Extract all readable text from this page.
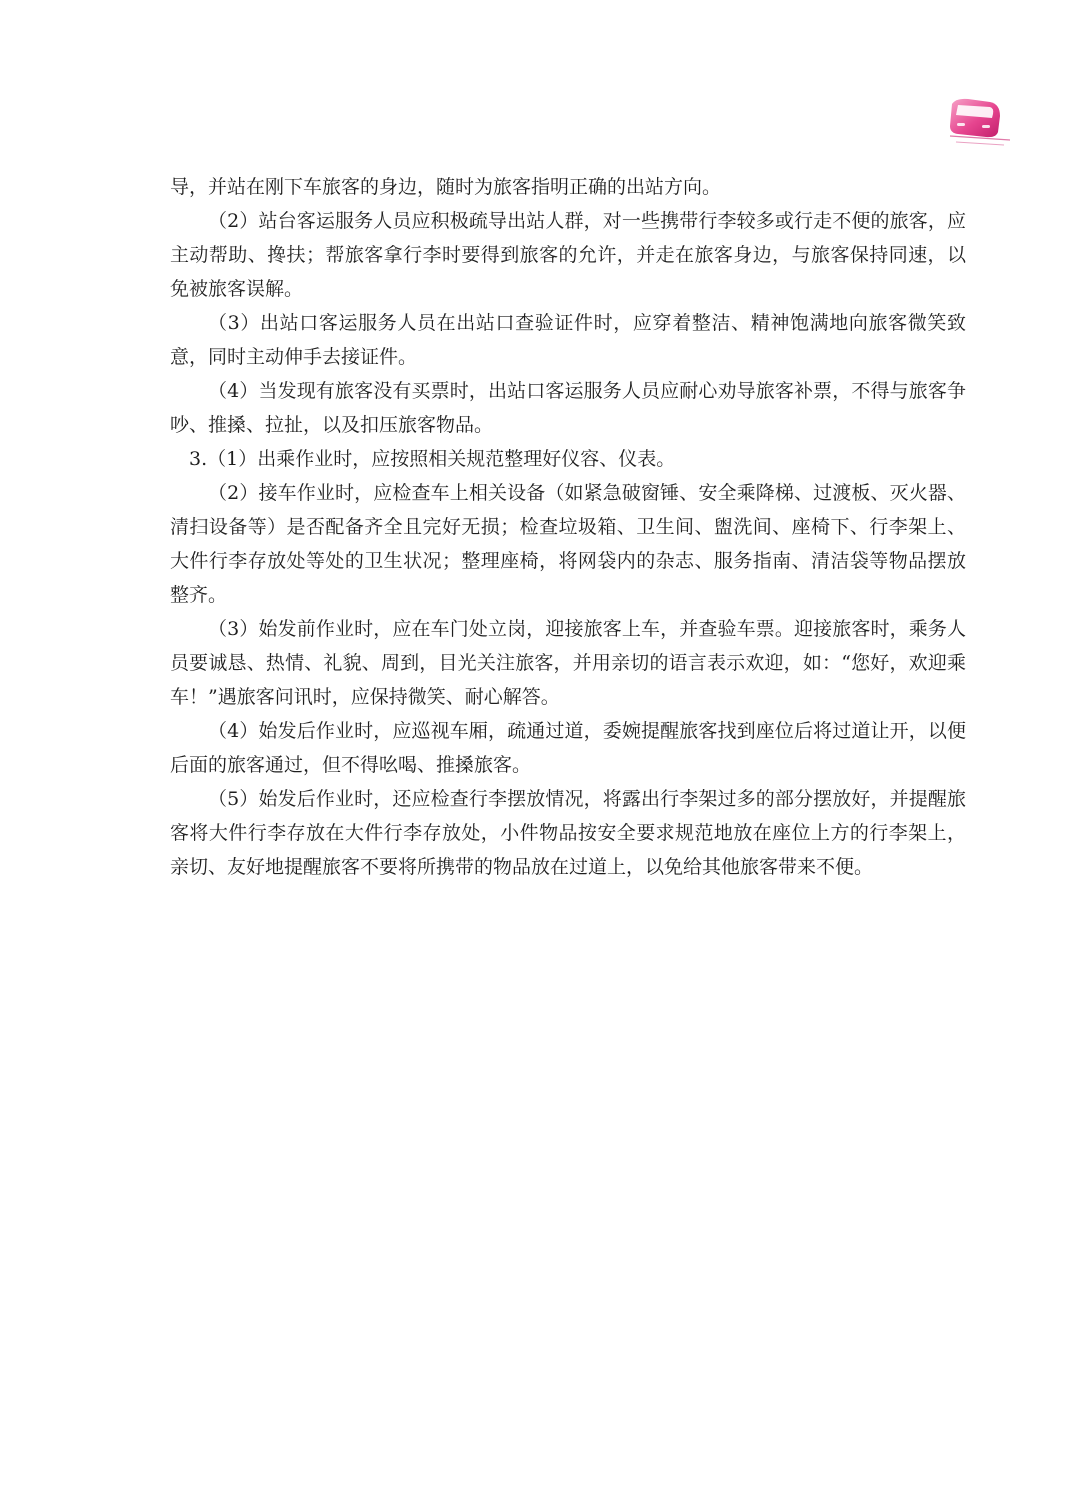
导，并站在刚下车旅客的身边，随时为旅客指明正确的出站方向。

（2）站台客运服务人员应积极疏导出站人群，对一些携带行李较多或行走不便的旅客，应主动帮助、搀扶；帮旅客拿行李时要得到旅客的允许，并走在旅客身边，与旅客保持同速，以免被旅客误解。

（3）出站口客运服务人员在出站口查验证件时，应穿着整洁、精神饱满地向旅客微笑致意，同时主动伸手去接证件。

（4）当发现有旅客没有买票时，出站口客运服务人员应耐心劝导旅客补票，不得与旅客争吵、推搡、拉扯，以及扣压旅客物品。

3.（1）出乘作业时，应按照相关规范整理好仪容、仪表。

（2）接车作业时，应检查车上相关设备（如紧急破窗锤、安全乘降梯、过渡板、灭火器、清扫设备等）是否配备齐全且完好无损；检查垃圾箱、卫生间、盥洗间、座椅下、行李架上、大件行李存放处等处的卫生状况；整理座椅，将网袋内的杂志、服务指南、清洁袋等物品摆放整齐。

（3）始发前作业时，应在车门处立岗，迎接旅客上车，并查验车票。迎接旅客时，乘务人员要诚恳、热情、礼貌、周到，目光关注旅客，并用亲切的语言表示欢迎，如：“您好，欢迎乘车！”遇旅客问讯时，应保持微笑、耐心解答。

（4）始发后作业时，应巡视车厢，疏通过道，委婉提醒旅客找到座位后将过道让开，以便后面的旅客通过，但不得吆喝、推搡旅客。

（5）始发后作业时，还应检查行李摆放情况，将露出行李架过多的部分摆放好，并提醒旅客将大件行李存放在大件行李存放处，小件物品按安全要求规范地放在座位上方的行李架上，亲切、友好地提醒旅客不要将所携带的物品放在过道上，以免给其他旅客带来不便。
